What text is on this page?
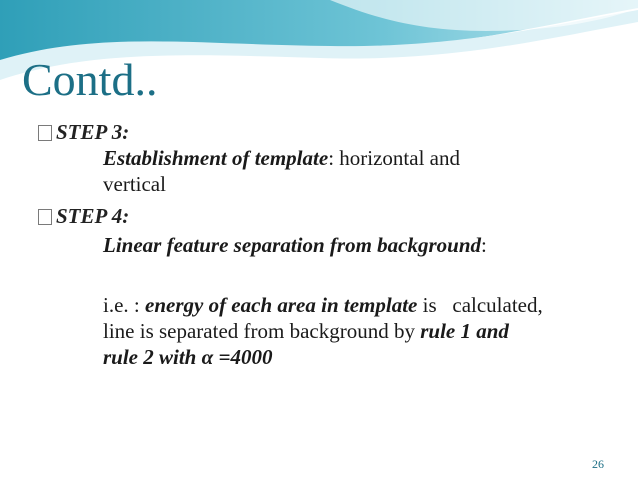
Contd..
STEP 3:
Establishment of template: horizontal and
vertical
STEP 4:
Linear feature separation from background:
i.e. : energy of each area in template is   calculated,
line is separated from background by rule 1 and
rule 2 with α =4000
26
